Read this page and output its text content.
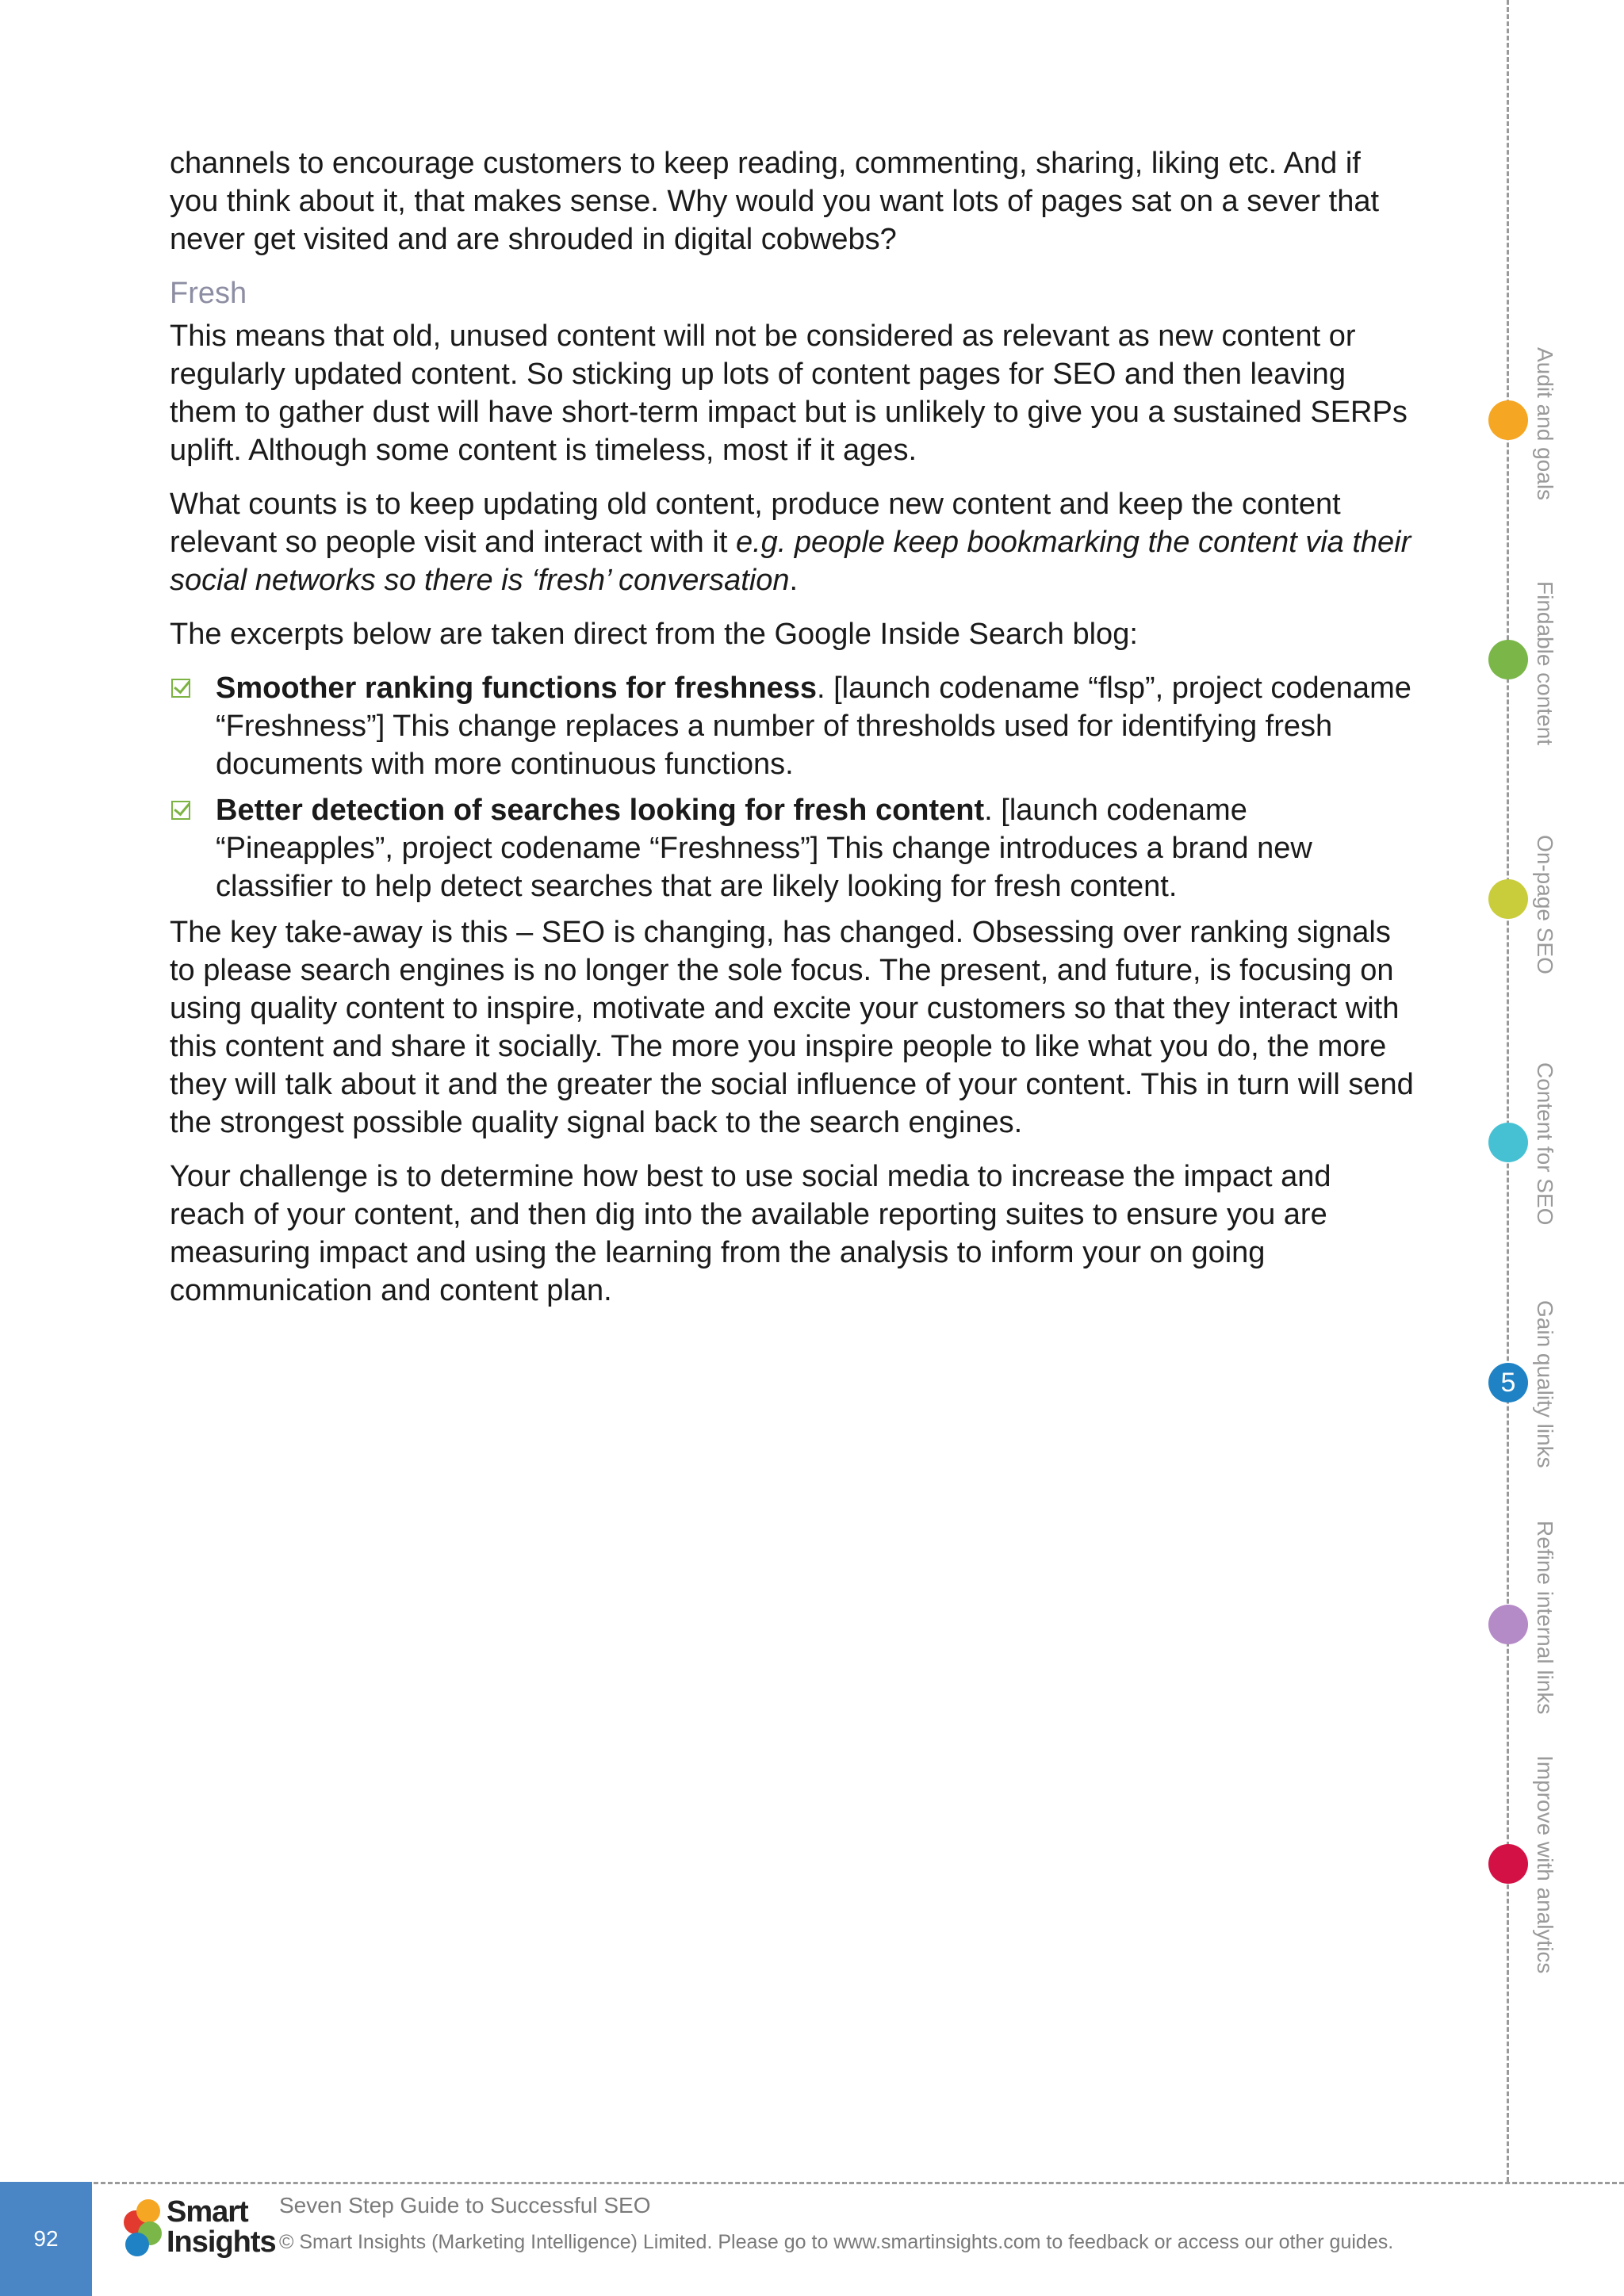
channels to encourage customers to keep reading, commenting, sharing, liking etc. And if you think about it, that makes sense. Why would you want lots of pages sat on a sever that never get visited and are shrouded in digital cobwebs?

Fresh

This means that old, unused content will not be considered as relevant as new content or regularly updated content. So sticking up lots of content pages for SEO and then leaving them to gather dust will have short-term impact but is unlikely to give you a sustained SERPs uplift. Although some content is timeless, most if it ages.

What counts is to keep updating old content, produce new content and keep the content relevant so people visit and interact with it e.g. people keep bookmarking the content via their social networks so there is ‘fresh’ conversation.

The excerpts below are taken direct from the Google Inside Search blog:

Smoother ranking functions for freshness. [launch codename “flsp”, project codename “Freshness”] This change replaces a number of thresholds used for identifying fresh documents with more continuous functions.
Better detection of searches looking for fresh content. [launch codename “Pineapples”, project codename “Freshness”] This change introduces a brand new classifier to help detect searches that are likely looking for fresh content.

The key take-away is this – SEO is changing, has changed. Obsessing over ranking signals to please search engines is no longer the sole focus. The present, and future, is focusing on using quality content to inspire, motivate and excite your customers so that they interact with this content and share it socially. The more you inspire people to like what you do, the more they will talk about it and the greater the social influence of your content. This in turn will send the strongest possible quality signal back to the search engines.

Your challenge is to determine how best to use social media to increase the impact and reach of your content, and then dig into the available reporting suites to ensure you are measuring impact and using the learning from the analysis to inform your on going communication and content plan.

5
Audit and goals
Findable content
On-page SEO
Content for SEO
Gain quality links
Refine internal links
Improve with analytics
92
Smart
Insights
Seven Step Guide to Successful SEO
© Smart Insights (Marketing Intelligence) Limited. Please go to www.smartinsights.com to feedback or access our other guides.
